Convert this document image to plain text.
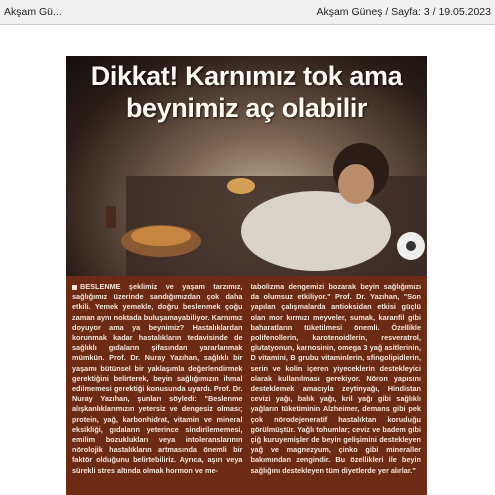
Akşam Gü...	Akşam Güneş / Sayfa: 3 / 19.05.2023
Dikkat! Karnımız tok ama
beynimiz aç olabilir
BESLENME şeklimiz ve yaşam tarzımız, sağlığımız üzerinde sandığımızdan çok daha etkili. Yemek yemekle, doğru beslenmek çoğu zaman aynı noktada buluşamayabiliyor. Karnımız doyuyor ama ya beynimiz? Hastalıklardan korunmak kadar hastalıkların tedavisinde de sağlıklı gıdaların şifasından yararlanmak mümkün. Prof. Dr. Nuray Yazıhan, sağlıklı bir yaşamı bütünsel bir yaklaşımla değerlendirmek gerektiğini belirterek, beyin sağlığımızın ihmal edilmemesi gerektiği konusunda uyardı. Prof. Dr. Nuray Yazıhan, şunları söyledi: "Beslenme alışkanlıklarımızın yetersiz ve dengesiz olması; protein, yağ, karbonhidrat, vitamin ve mineral eksikliği, gıdaların yeterince sindirilememesi, emilim bozuklukları veya intoleranslarının nörolojik hastalıkların artmasında önemli bir faktör olduğunu belirtebiliriz. Ayrıca, aşırı veya sürekli stres altında olmak hormon ve me-
tabolizma dengemizi bozarak beyin sağlığımızı da olumsuz etkiliyor." Prof. Dr. Yazıhan, "Son yapılan çalışmalarda antioksidan etkisi güçlü olan mor kırmızı meyveler, sumak, karanfil gibi baharatların tüketilmesi önemli. Özellikle polifenollerin, karotenoidlerin, resveratrol, glutatyonun, karnosinin, omega 3 yağ asitlerinin, D vitamini, B grubu vitaminlerin, sfingolipidlerin, serin ve kolin içeren yiyeceklerin destekleyici olarak kullanılması gerekiyor. Nöron yapısını desteklemek amacıyla zeytinyağı, Hindistan cevizi yağı, balık yağı, kril yağı gibi sağlıklı yağların tüketiminin Alzheimer, demans gibi pek çok nörodejeneratif hastalıktan koruduğu görülmüştür. Yağlı tohumlar; ceviz ve badem gibi çiğ kuruyemişler de beyin gelişimini destekleyen yağ ve magnezyum, çinko gibi mineraller bakımından zengindir. Bu özellikleri ile beyin sağlığını destekleyen tüm diyetlerde yer alırlar."
